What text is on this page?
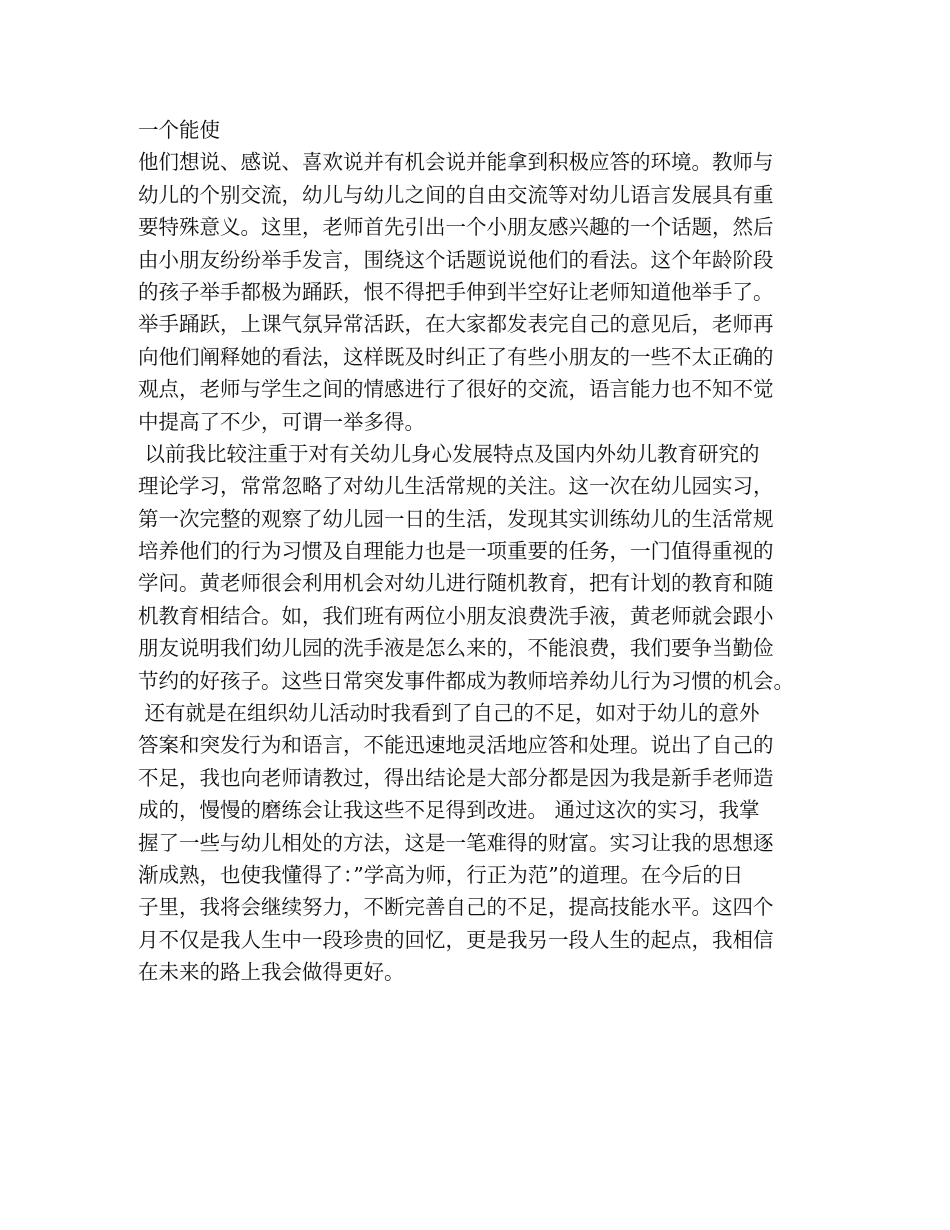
一个能使
他们想说、感说、喜欢说并有机会说并能拿到积极应答的环境。教师与
幼儿的个别交流，幼儿与幼儿之间的自由交流等对幼儿语言发展具有重
要特殊意义。这里，老师首先引出一个小朋友感兴趣的一个话题，然后
由小朋友纷纷举手发言，围绕这个话题说说他们的看法。这个年龄阶段
的孩子举手都极为踊跃，恨不得把手伸到半空好让老师知道他举手了。
举手踊跃，上课气氛异常活跃，在大家都发表完自己的意见后，老师再
向他们阐释她的看法，这样既及时纠正了有些小朋友的一些不太正确的
观点，老师与学生之间的情感进行了很好的交流，语言能力也不知不觉
中提高了不少，可谓一举多得。
以前我比较注重于对有关幼儿身心发展特点及国内外幼儿教育研究的
理论学习，常常忽略了对幼儿生活常规的关注。这一次在幼儿园实习，
第一次完整的观察了幼儿园一日的生活，发现其实训练幼儿的生活常规
培养他们的行为习惯及自理能力也是一项重要的任务，一门值得重视的
学问。黄老师很会利用机会对幼儿进行随机教育，把有计划的教育和随
机教育相结合。如，我们班有两位小朋友浪费洗手液，黄老师就会跟小
朋友说明我们幼儿园的洗手液是怎么来的，不能浪费，我们要争当勤俭
节约的好孩子。这些日常突发事件都成为教师培养幼儿行为习惯的机会。
还有就是在组织幼儿活动时我看到了自己的不足，如对于幼儿的意外
答案和突发行为和语言，不能迅速地灵活地应答和处理。说出了自己的
不足，我也向老师请教过，得出结论是大部分都是因为我是新手老师造
成的，慢慢的磨练会让我这些不足得到改进。 通过这次的实习，我掌
握了一些与幼儿相处的方法，这是一笔难得的财富。实习让我的思想逐
渐成熟，也使我懂得了：”学高为师，行正为范”的道理。在今后的日
子里，我将会继续努力，不断完善自己的不足，提高技能水平。这四个
月不仅是我人生中一段珍贵的回忆，更是我另一段人生的起点，我相信
在未来的路上我会做得更好。
